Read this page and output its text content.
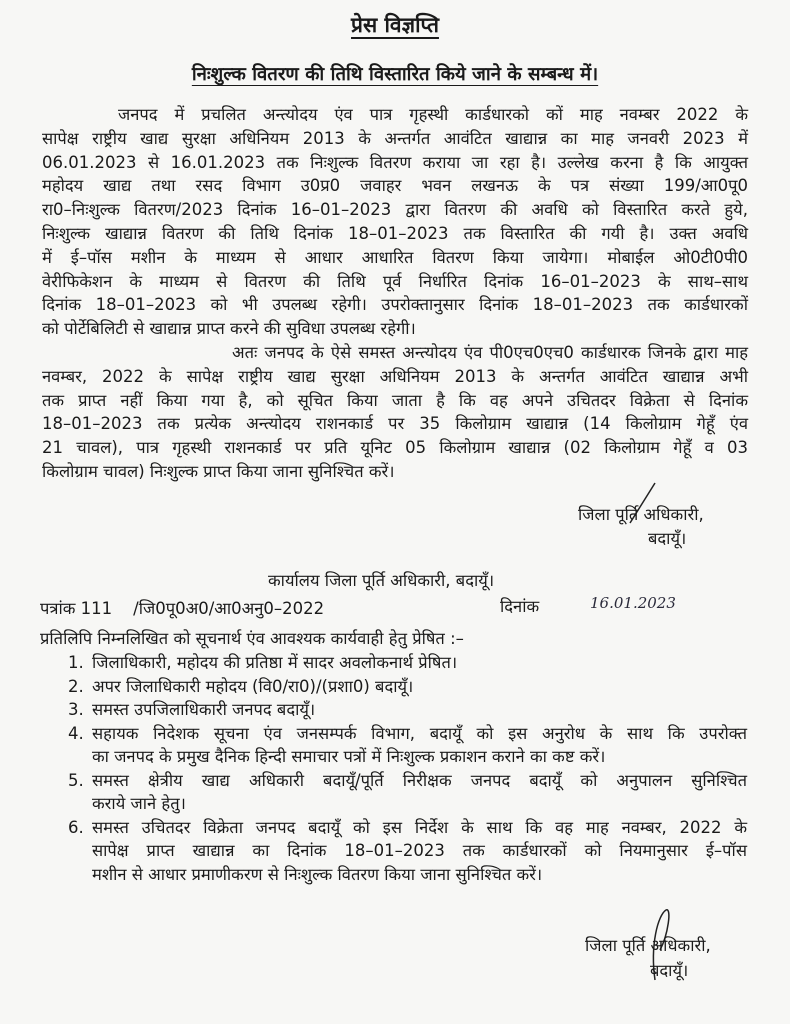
प्रेस विज्ञप्ति
निःशुल्क वितरण की तिथि विस्तारित किये जाने के सम्बन्ध में।
जनपद में प्रचलित अन्त्योदय एंव पात्र गृहस्थी कार्डधारको कों माह नवम्बर 2022 के
सापेक्ष राष्ट्रीय खाद्य सुरक्षा अधिनियम 2013 के अन्तर्गत आवंटित खाद्यान्न का माह जनवरी 2023 में
06.01.2023 से 16.01.2023 तक निःशुल्क वितरण कराया जा रहा है। उल्लेख करना है कि आयुक्त
महोदय खाद्य तथा रसद विभाग उ0प्र0 जवाहर भवन लखनऊ के पत्र संख्या 199/आ0पू0
रा0–निःशुल्क वितरण/2023 दिनांक 16–01–2023 द्वारा वितरण की अवधि को विस्तारित करते हुये,
निःशुल्क खाद्यान्न वितरण की तिथि दिनांक 18–01–2023 तक विस्तारित की गयी है। उक्त अवधि
में ई–पॉस मशीन के माध्यम से आधार आधारित वितरण किया जायेगा। मोबाईल ओ0टी0पी0
वेरीफिकेशन के माध्यम से वितरण की तिथि पूर्व निर्धारित दिनांक 16–01–2023 के साथ–साथ
दिनांक 18–01–2023 को भी उपलब्ध रहेगी। उपरोक्तानुसार दिनांक 18–01–2023 तक कार्डधारकों
को पोर्टेबिलिटी से खाद्यान्न प्राप्त करने की सुविधा उपलब्ध रहेगी।
अतः जनपद के ऐसे समस्त अन्त्योदय एंव पी0एच0एच0 कार्डधारक जिनके द्वारा माह
नवम्बर, 2022 के सापेक्ष राष्ट्रीय खाद्य सुरक्षा अधिनियम 2013 के अन्तर्गत आवंटित खाद्यान्न अभी
तक प्राप्त नहीं किया गया है, को सूचित किया जाता है कि वह अपने उचितदर विक्रेता से दिनांक
18–01–2023 तक प्रत्येक अन्त्योदय राशनकार्ड पर 35 किलोग्राम खाद्यान्न (14 किलोग्राम गेहूँ एंव
21 चावल), पात्र गृहस्थी राशनकार्ड पर प्रति यूनिट 05 किलोग्राम खाद्यान्न (02 किलोग्राम गेहूँ व 03
किलोग्राम चावल) निःशुल्क प्राप्त किया जाना सुनिश्चित करें।
जिला पूर्ति अधिकारी,
बदायूँ।
कार्यालय जिला पूर्ति अधिकारी, बदायूँ।
दिनांक	16.01.2023
पत्रांक 111    /जि0पू0अ0/आ0अनु0–2022
प्रतिलिपि निम्नलिखित को सूचनार्थ एंव आवश्यक कार्यवाही हेतु प्रेषित :–
1. जिलाधिकारी, महोदय की प्रतिष्ठा में सादर अवलोकनार्थ प्रेषित।
2. अपर जिलाधिकारी महोदय (वि0/रा0)/(प्रशा0) बदायूँ।
3. समस्त उपजिलाधिकारी जनपद बदायूँ।
4. सहायक निदेशक सूचना एंव जनसम्पर्क विभाग, बदायूँ को इस अनुरोध के साथ कि उपरोक्त
का जनपद के प्रमुख दैनिक हिन्दी समाचार पत्रों में निःशुल्क प्रकाशन कराने का कष्ट करें।
5. समस्त क्षेत्रीय खाद्य अधिकारी बदायूँ/पूर्ति निरीक्षक जनपद बदायूँ को अनुपालन सुनिश्चित
कराये जाने हेतु।
6. समस्त उचितदर विक्रेता जनपद बदायूँ को इस निर्देश के साथ कि वह माह नवम्बर, 2022 के
सापेक्ष प्राप्त खाद्यान्न का दिनांक 18–01–2023 तक कार्डधारकों को नियमानुसार ई–पॉस
मशीन से आधार प्रमाणीकरण से निःशुल्क वितरण किया जाना सुनिश्चित करें।
जिला पूर्ति अधिकारी,
बदायूँ।
